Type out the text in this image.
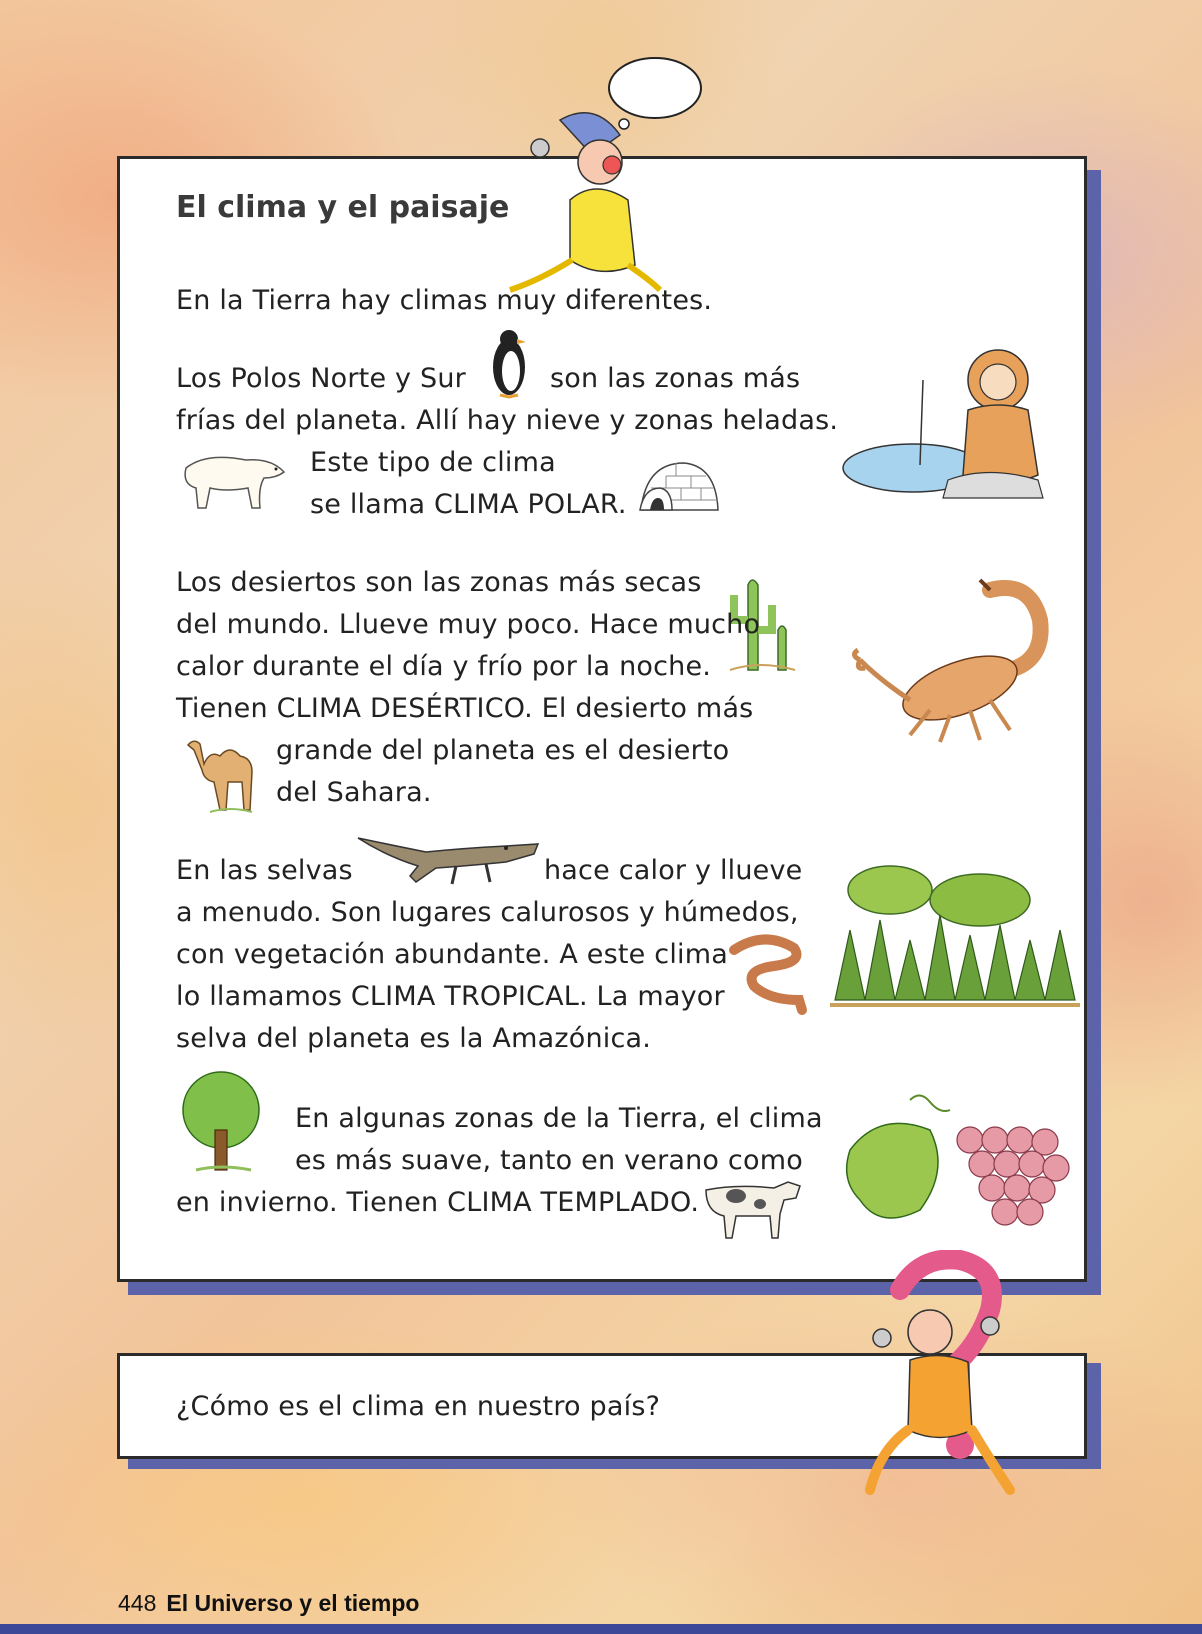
El clima y el paisaje
En la Tierra hay climas muy diferentes.
Los Polos Norte y Sur	son las zonas más
frías del planeta. Allí hay nieve y zonas heladas.
Este tipo de clima
se llama CLIMA POLAR.
Los desiertos son las zonas más secas
del mundo. Llueve muy poco. Hace mucho
calor durante el día y frío por la noche.
Tienen CLIMA DESÉRTICO. El desierto más
grande del planeta es el desierto
del Sahara.
En las selvas	hace calor y llueve
a menudo. Son lugares calurosos y húmedos,
con vegetación abundante. A este clima
lo llamamos CLIMA TROPICAL. La mayor
selva del planeta es la Amazónica.
En algunas zonas de la Tierra, el clima
es más suave, tanto en verano como
en invierno. Tienen CLIMA TEMPLADO.
¿Cómo es el clima en nuestro país?
448 El Universo y el tiempo
